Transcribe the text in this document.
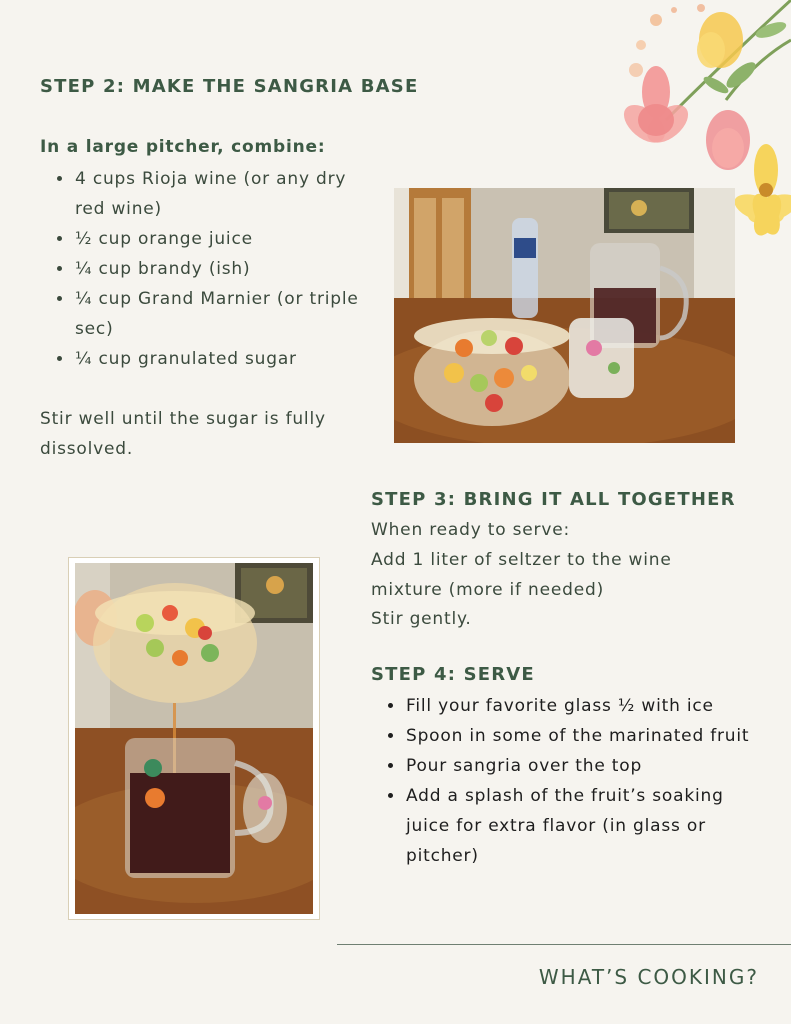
STEP 2: MAKE THE SANGRIA BASE
In a large pitcher, combine:
4 cups Rioja wine (or any dry red wine)
½ cup orange juice
¼ cup brandy (ish)
¼ cup Grand Marnier (or triple sec)
¼ cup granulated sugar
Stir well until the sugar is fully dissolved.
STEP 3: BRING IT ALL TOGETHER
When ready to serve:
Add 1 liter of seltzer to the wine mixture (more if needed)
Stir gently.
STEP 4: SERVE
Fill your favorite glass ½ with ice
Spoon in some of the marinated fruit
Pour sangria over the top
Add a splash of the fruit’s soaking juice for extra flavor (in glass or pitcher)
WHAT’S COOKING?
